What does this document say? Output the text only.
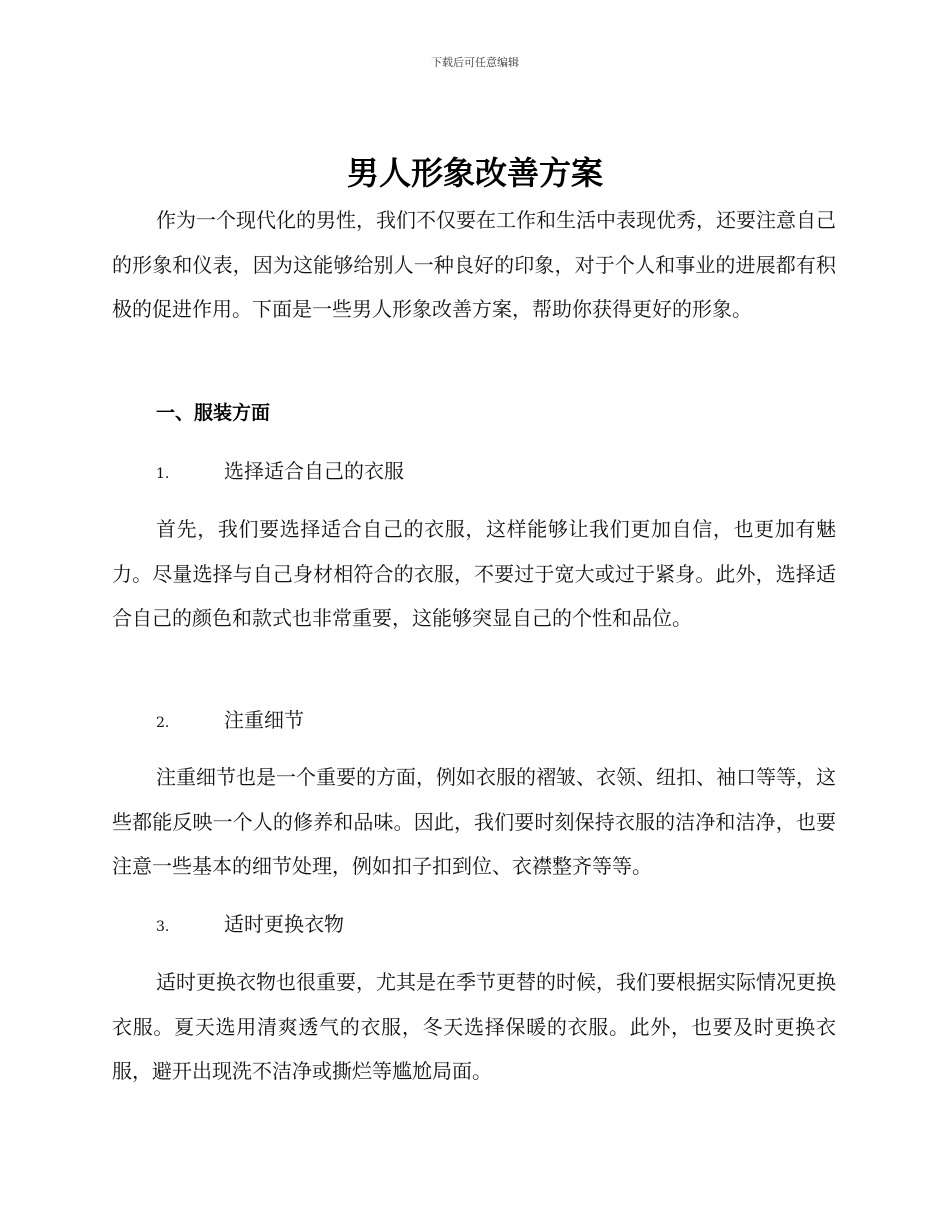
下载后可任意编辑
男人形象改善方案

作为一个现代化的男性，我们不仅要在工作和生活中表现优秀，还要注意自己的形象和仪表，因为这能够给别人一种良好的印象，对于个人和事业的进展都有积极的促进作用。下面是一些男人形象改善方案，帮助你获得更好的形象。

一、服装方面
1.	选择适合自己的衣服

首先，我们要选择适合自己的衣服，这样能够让我们更加自信，也更加有魅力。尽量选择与自己身材相符合的衣服，不要过于宽大或过于紧身。此外，选择适合自己的颜色和款式也非常重要，这能够突显自己的个性和品位。

2.	注重细节

注重细节也是一个重要的方面，例如衣服的褶皱、衣领、纽扣、袖口等等，这些都能反映一个人的修养和品味。因此，我们要时刻保持衣服的洁净和洁净，也要注意一些基本的细节处理，例如扣子扣到位、衣襟整齐等等。

3.	适时更换衣物

适时更换衣物也很重要，尤其是在季节更替的时候，我们要根据实际情况更换衣服。夏天选用清爽透气的衣服，冬天选择保暖的衣服。此外，也要及时更换衣服，避开出现洗不洁净或撕烂等尴尬局面。
